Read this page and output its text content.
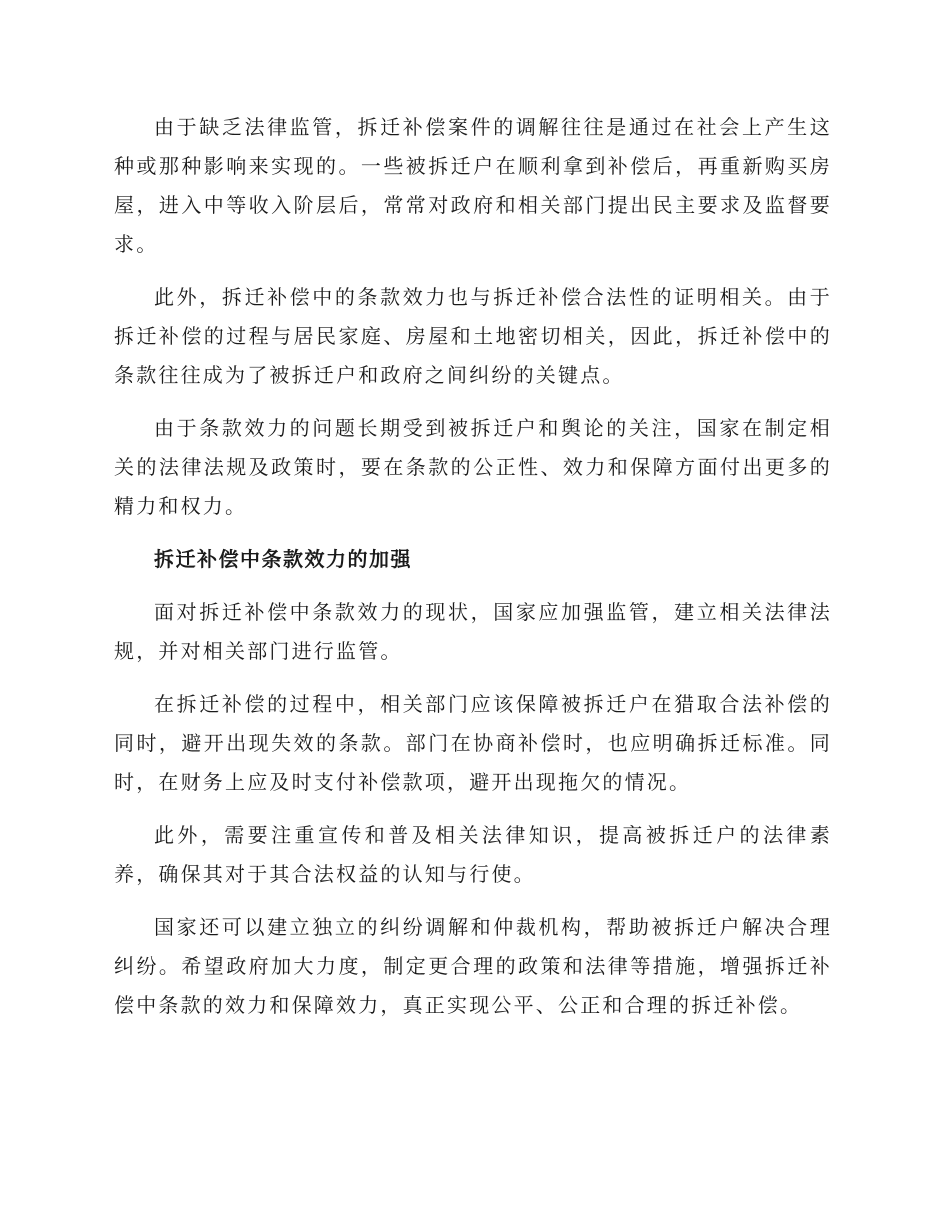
由于缺乏法律监管，拆迁补偿案件的调解往往是通过在社会上产生这种或那种影响来实现的。一些被拆迁户在顺利拿到补偿后，再重新购买房屋，进入中等收入阶层后，常常对政府和相关部门提出民主要求及监督要求。

此外，拆迁补偿中的条款效力也与拆迁补偿合法性的证明相关。由于拆迁补偿的过程与居民家庭、房屋和土地密切相关，因此，拆迁补偿中的条款往往成为了被拆迁户和政府之间纠纷的关键点。

由于条款效力的问题长期受到被拆迁户和舆论的关注，国家在制定相关的法律法规及政策时，要在条款的公正性、效力和保障方面付出更多的精力和权力。

拆迁补偿中条款效力的加强

面对拆迁补偿中条款效力的现状，国家应加强监管，建立相关法律法规，并对相关部门进行监管。

在拆迁补偿的过程中，相关部门应该保障被拆迁户在猎取合法补偿的同时，避开出现失效的条款。部门在协商补偿时，也应明确拆迁标准。同时，在财务上应及时支付补偿款项，避开出现拖欠的情况。

此外，需要注重宣传和普及相关法律知识，提高被拆迁户的法律素养，确保其对于其合法权益的认知与行使。

国家还可以建立独立的纠纷调解和仲裁机构，帮助被拆迁户解决合理纠纷。希望政府加大力度，制定更合理的政策和法律等措施，增强拆迁补偿中条款的效力和保障效力，真正实现公平、公正和合理的拆迁补偿。
